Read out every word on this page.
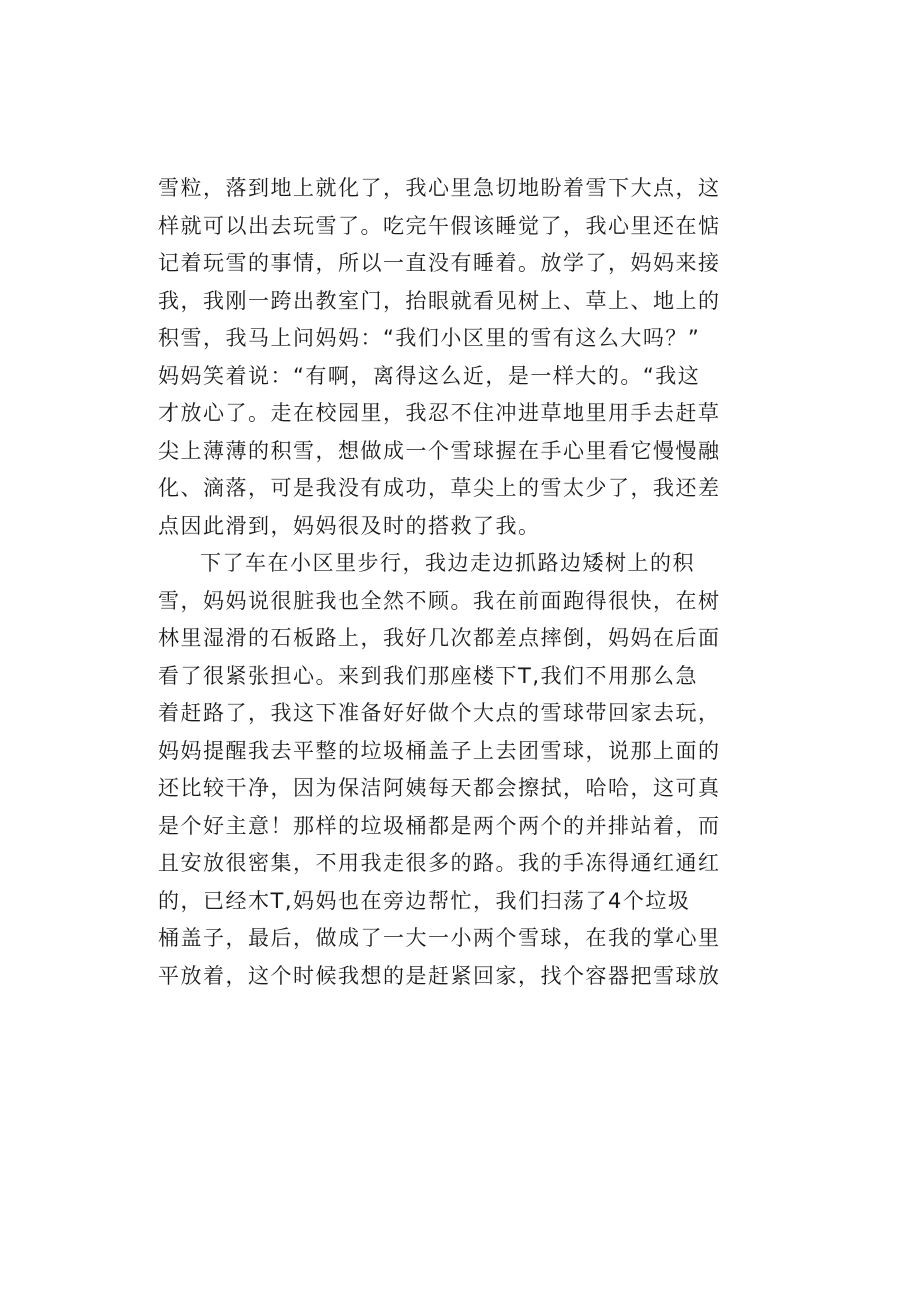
雪粒，落到地上就化了，我心里急切地盼着雪下大点，这
样就可以出去玩雪了。吃完午假该睡觉了，我心里还在惦
记着玩雪的事情，所以一直没有睡着。放学了，妈妈来接
我，我刚一跨出教室门，抬眼就看见树上、草上、地上的
积雪，我马上问妈妈：“我们小区里的雪有这么大吗？”
妈妈笑着说：“有啊，离得这么近，是一样大的。“我这
才放心了。走在校园里，我忍不住冲进草地里用手去赶草
尖上薄薄的积雪，想做成一个雪球握在手心里看它慢慢融
化、滴落，可是我没有成功，草尖上的雪太少了，我还差
点因此滑到，妈妈很及时的搭救了我。
下了车在小区里步行，我边走边抓路边矮树上的积
雪，妈妈说很脏我也全然不顾。我在前面跑得很快，在树
林里湿滑的石板路上，我好几次都差点摔倒，妈妈在后面
看了很紧张担心。来到我们那座楼下T,我们不用那么急
着赶路了，我这下准备好好做个大点的雪球带回家去玩，
妈妈提醒我去平整的垃圾桶盖子上去团雪球，说那上面的
还比较干净，因为保洁阿姨每天都会擦拭，哈哈，这可真
是个好主意！那样的垃圾桶都是两个两个的并排站着，而
且安放很密集，不用我走很多的路。我的手冻得通红通红
的，已经木T,妈妈也在旁边帮忙，我们扫荡了4个垃圾
桶盖子，最后，做成了一大一小两个雪球，在我的掌心里
平放着，这个时候我想的是赶紧回家，找个容器把雪球放
